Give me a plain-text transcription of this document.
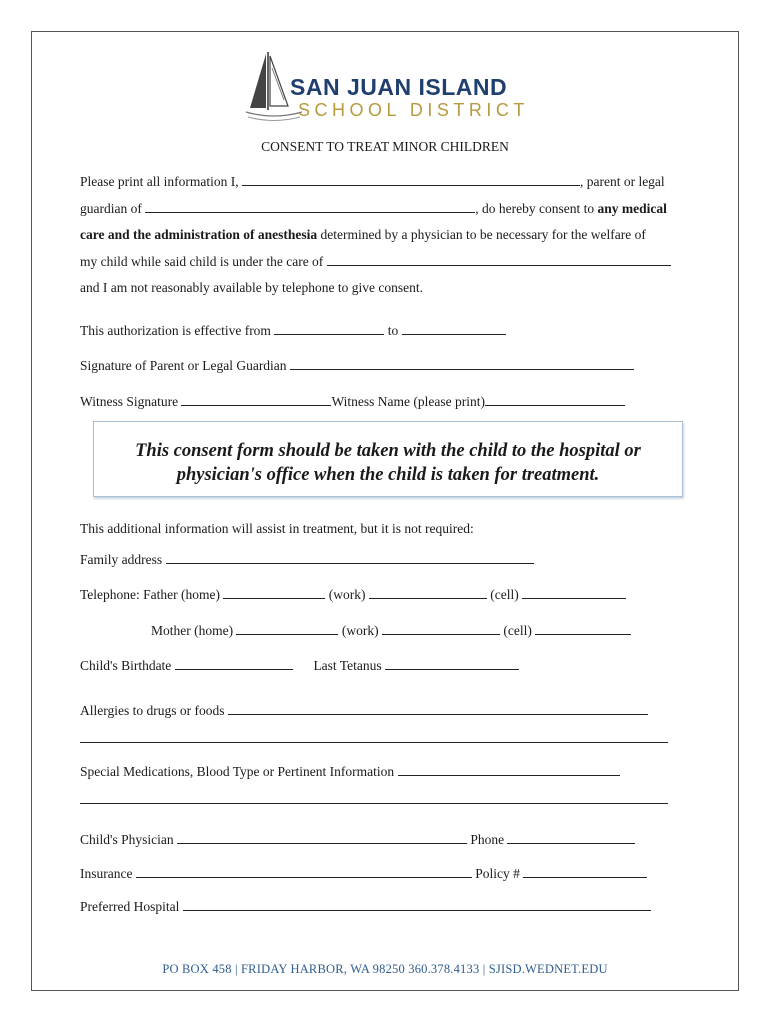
SAN JUAN ISLAND
SCHOOL DISTRICT
CONSENT TO TREAT MINOR CHILDREN
Please print all information I,	, parent or legal
guardian of	, do hereby consent to any medical
care and the administration of anesthesia determined by a physician to be necessary for the welfare of
my child while said child is under the care of
and I am not reasonably available by telephone to give consent.
This authorization is effective from	to
Signature of Parent or Legal Guardian
Witness Signature	Witness Name (please print)
This consent form should be taken with the child to the hospital or
physician's office when the child is taken for treatment.
This additional information will assist in treatment, but it is not required:
Family address
Telephone: Father (home)	(work)	(cell)
Mother (home)	(work)	(cell)
Child's Birthdate	Last Tetanus
Allergies to drugs or foods
Special Medications, Blood Type or Pertinent Information
Child's Physician	Phone
Insurance	Policy #
Preferred Hospital
PO BOX 458 | FRIDAY HARBOR, WA 98250 360.378.4133 | SJISD.WEDNET.EDU
